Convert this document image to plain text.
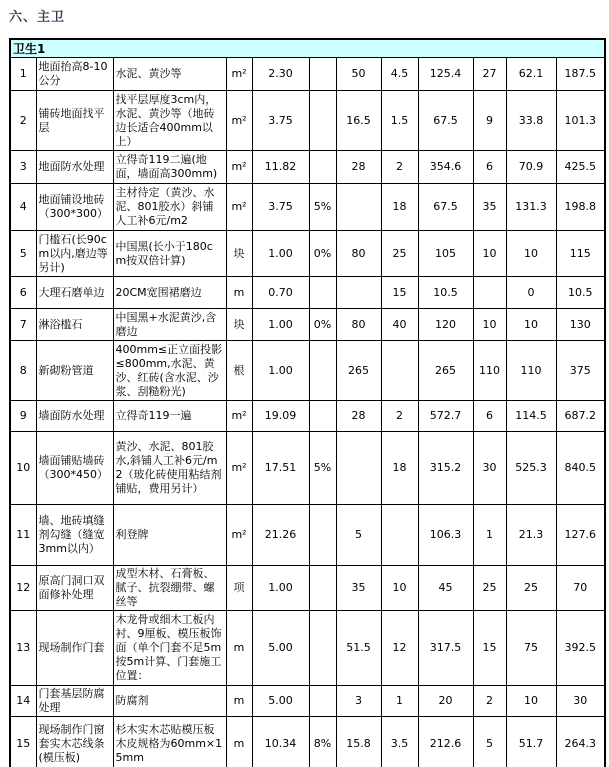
六、主卫
卫生1											
1	地面抬高8-10公分	水泥、黄沙等	m²	2.30		50	4.5	125.4	27	62.1	187.5
2	铺砖地面找平层	找平层厚度3cm内，水泥、黄沙等（地砖边长适合400mm以上）	m²	3.75		16.5	1.5	67.5	9	33.8	101.3
3	地面防水处理	立得奇119二遍(地面，墙面高300mm)	m²	11.82		28	2	354.6	6	70.9	425.5
4	地面铺设地砖（300*300）	主材待定（黄沙、水泥、801胶水）斜铺人工补6元/m2	m²	3.75	5%		18	67.5	35	131.3	198.8
5	门槛石(长90cm以内,磨边等另计)	中国黑(长小于180cm按双倍计算)	块	1.00	0%	80	25	105	10	10	115
6	大理石磨单边	20CM宽围裙磨边	m	0.70			15	10.5		0	10.5
7	淋浴槛石	中国黑+水泥黄沙,含磨边	块	1.00	0%	80	40	120	10	10	130
8	新砌粉管道	400mm≤正立面投影≤800mm,水泥、黄沙、红砖(含水泥、沙浆、刮糙粉光)	根	1.00		265		265	110	110	375
9	墙面防水处理	立得奇119一遍	m²	19.09		28	2	572.7	6	114.5	687.2
10	墙面铺贴墙砖（300*450）	黄沙、水泥、801胶水,斜铺人工补6元/m2（玻化砖使用粘结剂铺贴，费用另计）	m²	17.51	5%		18	315.2	30	525.3	840.5
11	墙、地砖填缝剂勾缝（缝宽3mm以内）	利登牌	m²	21.26		5		106.3	1	21.3	127.6
12	原高门洞口双面修补处理	成型木材、石膏板、腻子、抗裂绷带、螺丝等	项	1.00		35	10	45	25	25	70
13	现场制作门套	木龙骨或细木工板内衬、9厘板、模压板饰面（单个门套不足5m按5m计算、门套施工位置：	m	5.00		51.5	12	317.5	15	75	392.5
14	门套基层防腐处理	防腐剂	m	5.00		3	1	20	2	10	30
15	现场制作门窗套实木芯线条 (模压板)	杉木实木芯贴模压板木皮规格为60mm×15mm	m	10.34	8%	15.8	3.5	212.6	5	51.7	264.3
